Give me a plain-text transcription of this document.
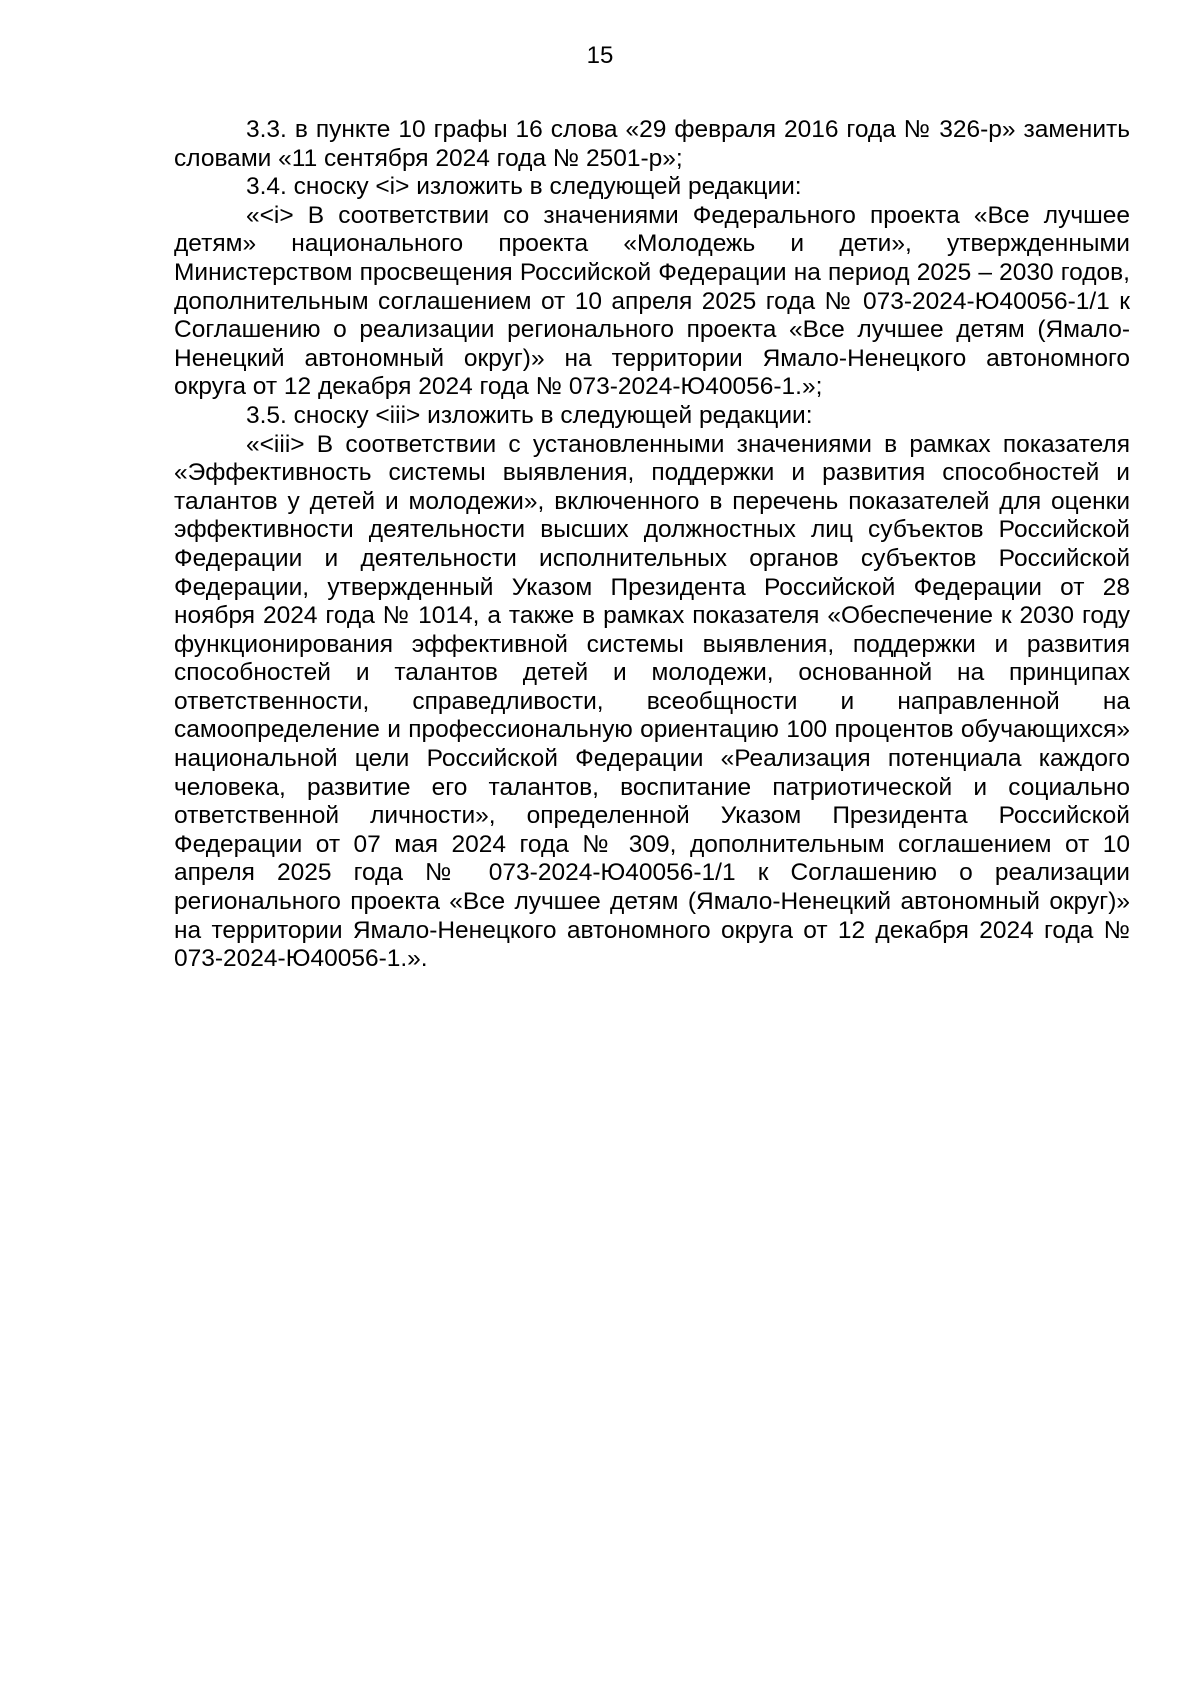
15

3.3. в пункте 10 графы 16 слова «29 февраля 2016 года № 326-р» заменить словами «11 сентября 2024 года № 2501-р»;

3.4. сноску <i> изложить в следующей редакции:

«<i> В соответствии со значениями Федерального проекта «Все лучшее детям» национального проекта «Молодежь и дети», утвержденными Министерством просвещения Российской Федерации на период 2025 – 2030 годов, дополнительным соглашением от 10 апреля 2025 года № 073-2024-Ю40056-1/1 к Соглашению о реализации регионального проекта «Все лучшее детям (Ямало-Ненецкий автономный округ)» на территории Ямало-Ненецкого автономного округа от 12 декабря 2024 года № 073-2024-Ю40056-1.»;

3.5. сноску <iii> изложить в следующей редакции:

«<iii> В соответствии с установленными значениями в рамках показателя «Эффективность системы выявления, поддержки и развития способностей и талантов у детей и молодежи», включенного в перечень показателей для оценки эффективности деятельности высших должностных лиц субъектов Российской Федерации и деятельности исполнительных органов субъектов Российской Федерации, утвержденный Указом Президента Российской Федерации от 28 ноября 2024 года № 1014, а также в рамках показателя «Обеспечение к 2030 году функционирования эффективной системы выявления, поддержки и развития способностей и талантов детей и молодежи, основанной на принципах ответственности, справедливости, всеобщности и направленной на самоопределение и профессиональную ориентацию 100 процентов обучающихся» национальной цели Российской Федерации «Реализация потенциала каждого человека, развитие его талантов, воспитание патриотической и социально ответственной личности», определенной Указом Президента Российской Федерации от 07 мая 2024 года № 309, дополнительным соглашением от 10 апреля 2025 года № 073-2024-Ю40056-1/1 к Соглашению о реализации регионального проекта «Все лучшее детям (Ямало-Ненецкий автономный округ)» на территории Ямало-Ненецкого автономного округа от 12 декабря 2024 года № 073-2024-Ю40056-1.».
